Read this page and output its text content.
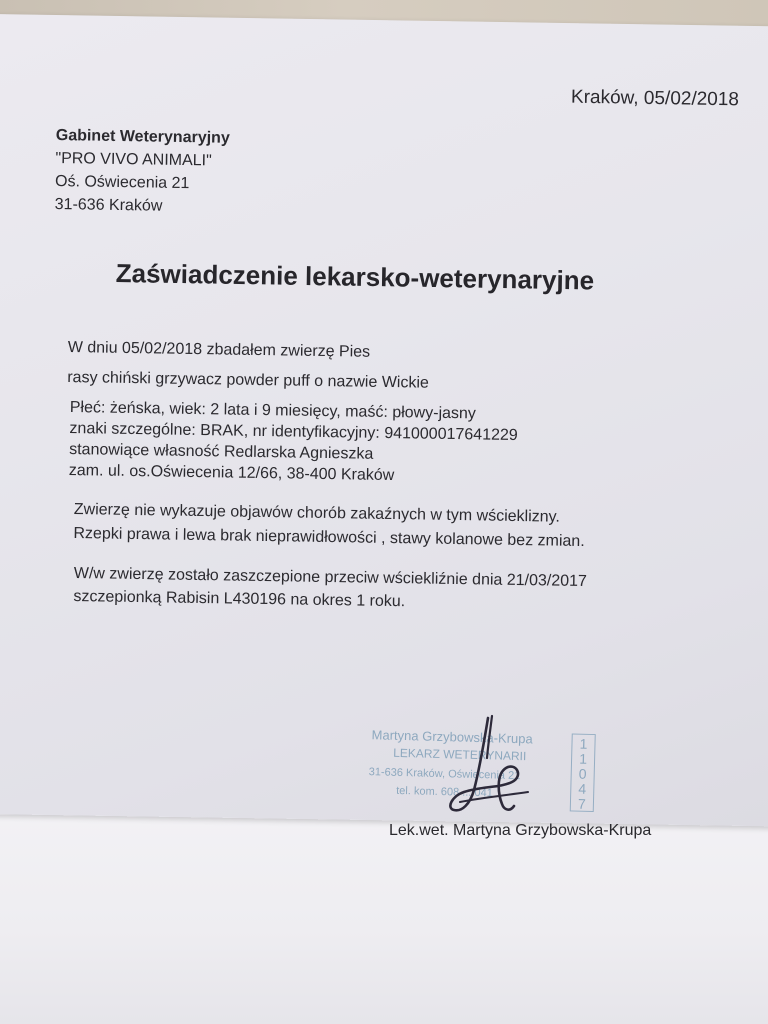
Kraków, 05/02/2018
Gabinet Weterynaryjny
"PRO VIVO ANIMALI"
Oś. Oświecenia 21
31-636 Kraków
Zaświadczenie lekarsko-weterynaryjne
W dniu 05/02/2018 zbadałem zwierzę Pies
rasy chiński grzywacz powder puff o nazwie Wickie
Płeć: żeńska, wiek: 2 lata i 9 miesięcy, maść: płowy-jasny
znaki szczególne: BRAK, nr identyfikacyjny: 941000017641229
stanowiące własność Redlarska Agnieszka
zam. ul. os.Oświecenia 12/66, 38-400 Kraków
Zwierzę nie wykazuje objawów chorób zakaźnych w tym wścieklizny.
Rzepki prawa i lewa brak nieprawidłowości , stawy kolanowe bez zmian.
W/w zwierzę zostało zaszczepione przeciw wściekliźnie dnia 21/03/2017
szczepionką Rabisin L430196 na okres 1 roku.
Martyna Grzybowska-Krupa
LEKARZ WETERYNARII
31-636 Kraków, Oświecenia 21
tel. kom. 608 ... 041
11047
Lek.wet. Martyna Grzybowska-Krupa
